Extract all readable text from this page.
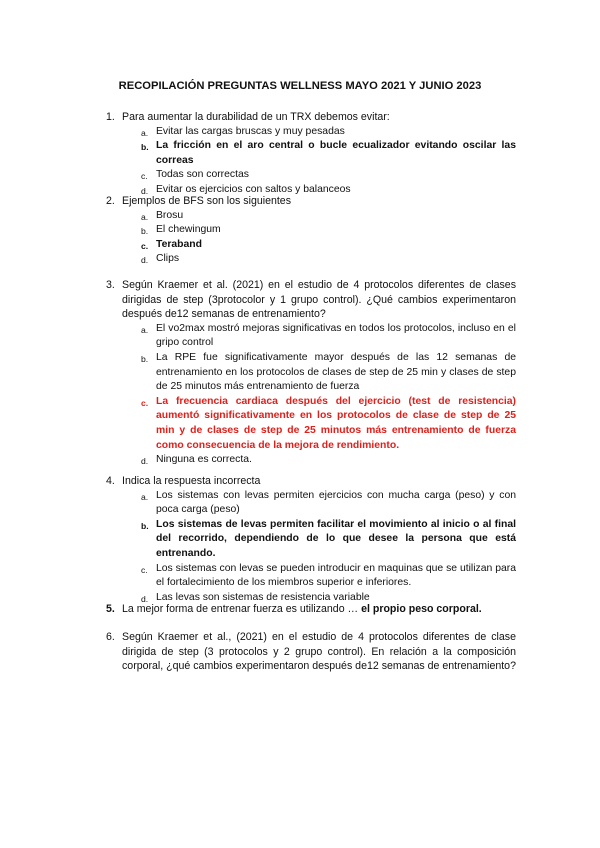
RECOPILACIÓN PREGUNTAS WELLNESS MAYO 2021 Y JUNIO 2023
1. Para aumentar la durabilidad de un TRX debemos evitar:
a. Evitar las cargas bruscas y muy pesadas
b. La fricción en el aro central o bucle ecualizador evitando oscilar las correas
c. Todas son correctas
d. Evitar os ejercicios con saltos y balanceos
2. Ejemplos de BFS son los siguientes
a. Brosu
b. El chewingum
c. Teraband
d. Clips
3. Según Kraemer et al. (2021) en el estudio de 4 protocolos diferentes de clases dirigidas de step (3protocolor y 1 grupo control). ¿Qué cambios experimentaron después de12 semanas de entrenamiento?
a. El vo2max mostró mejoras significativas en todos los protocolos, incluso en el gripo control
b. La RPE fue significativamente mayor después de las 12 semanas de entrenamiento en los protocolos de clases de step de 25 min y clases de step de 25 minutos más entrenamiento de fuerza
c. La frecuencia cardiaca después del ejercicio (test de resistencia) aumentó significativamente en los protocolos de clase de step de 25 min y de clases de step de 25 minutos más entrenamiento de fuerza como consecuencia de la mejora de rendimiento.
d. Ninguna es correcta.
4. Indica la respuesta incorrecta
a. Los sistemas con levas permiten ejercicios con mucha carga (peso) y con poca carga (peso)
b. Los sistemas de levas permiten facilitar el movimiento al inicio o al final del recorrido, dependiendo de lo que desee la persona que está entrenando.
c. Los sistemas con levas se pueden introducir en maquinas que se utilizan para el fortalecimiento de los miembros superior e inferiores.
d. Las levas son sistemas de resistencia variable
5. La mejor forma de entrenar fuerza es utilizando … el propio peso corporal.
6. Según Kraemer et al., (2021) en el estudio de 4 protocolos diferentes de clase dirigida de step (3 protocolos y 2 grupo control). En relación a la composición corporal, ¿qué cambios experimentaron después de12 semanas de entrenamiento?
